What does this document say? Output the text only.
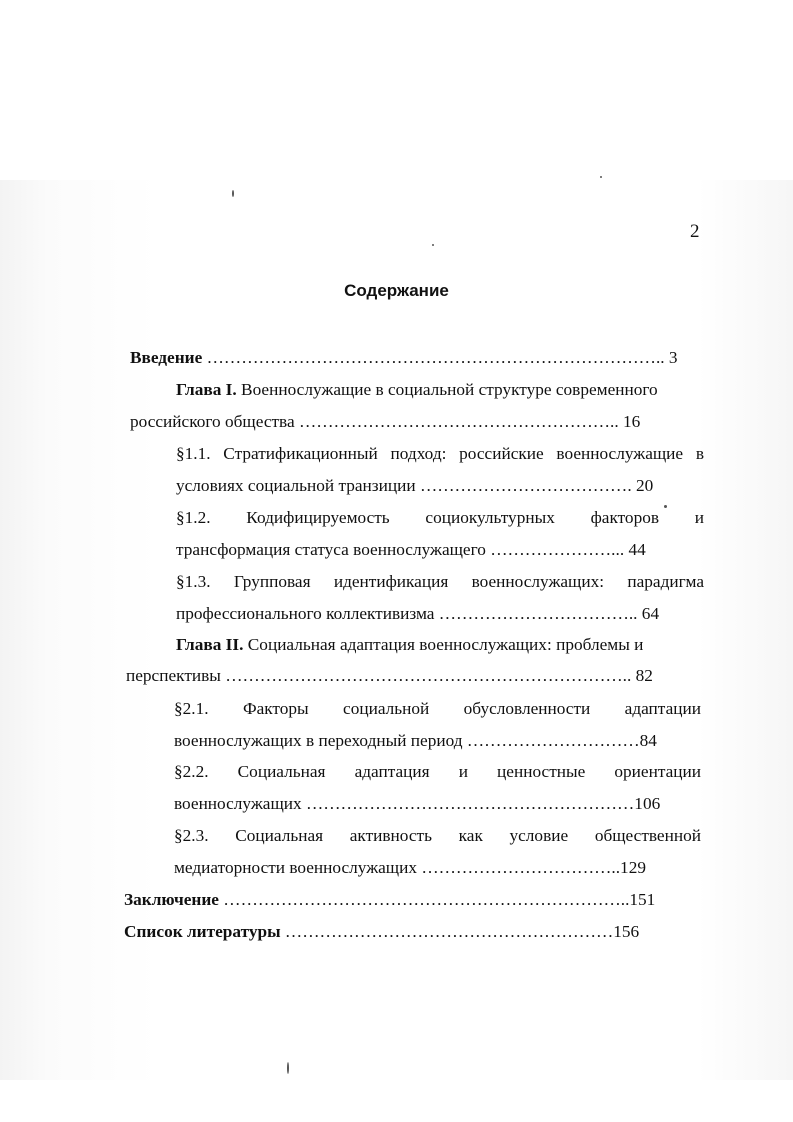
2
Содержание
Введение …………………………………………………………………….. 3
Глава I. Военнослужащие в социальной структуре современного
российского общества ……………………………………………….. 16
§1.1. Стратификационный подход: российские военнослужащие в
условиях социальной транзиции ………………………………. 20
§1.2. Кодифицируемость социокультурных факторов и
трансформация статуса военнослужащего …………………... 44
§1.3. Групповая идентификация военнослужащих: парадигма
профессионального коллективизма …………………………….. 64
Глава II. Социальная адаптация военнослужащих: проблемы и
перспективы …………………………………………………………….. 82
§2.1. Факторы социальной обусловленности адаптации
военнослужащих в переходный период …………………………84
§2.2. Социальная адаптация и ценностные ориентации
военнослужащих …………………………………………………106
§2.3. Социальная активность как условие общественной
медиаторности военнослужащих ……………………………..129
Заключение ……………………………………………………………..151
Список литературы …………………………………………………156
